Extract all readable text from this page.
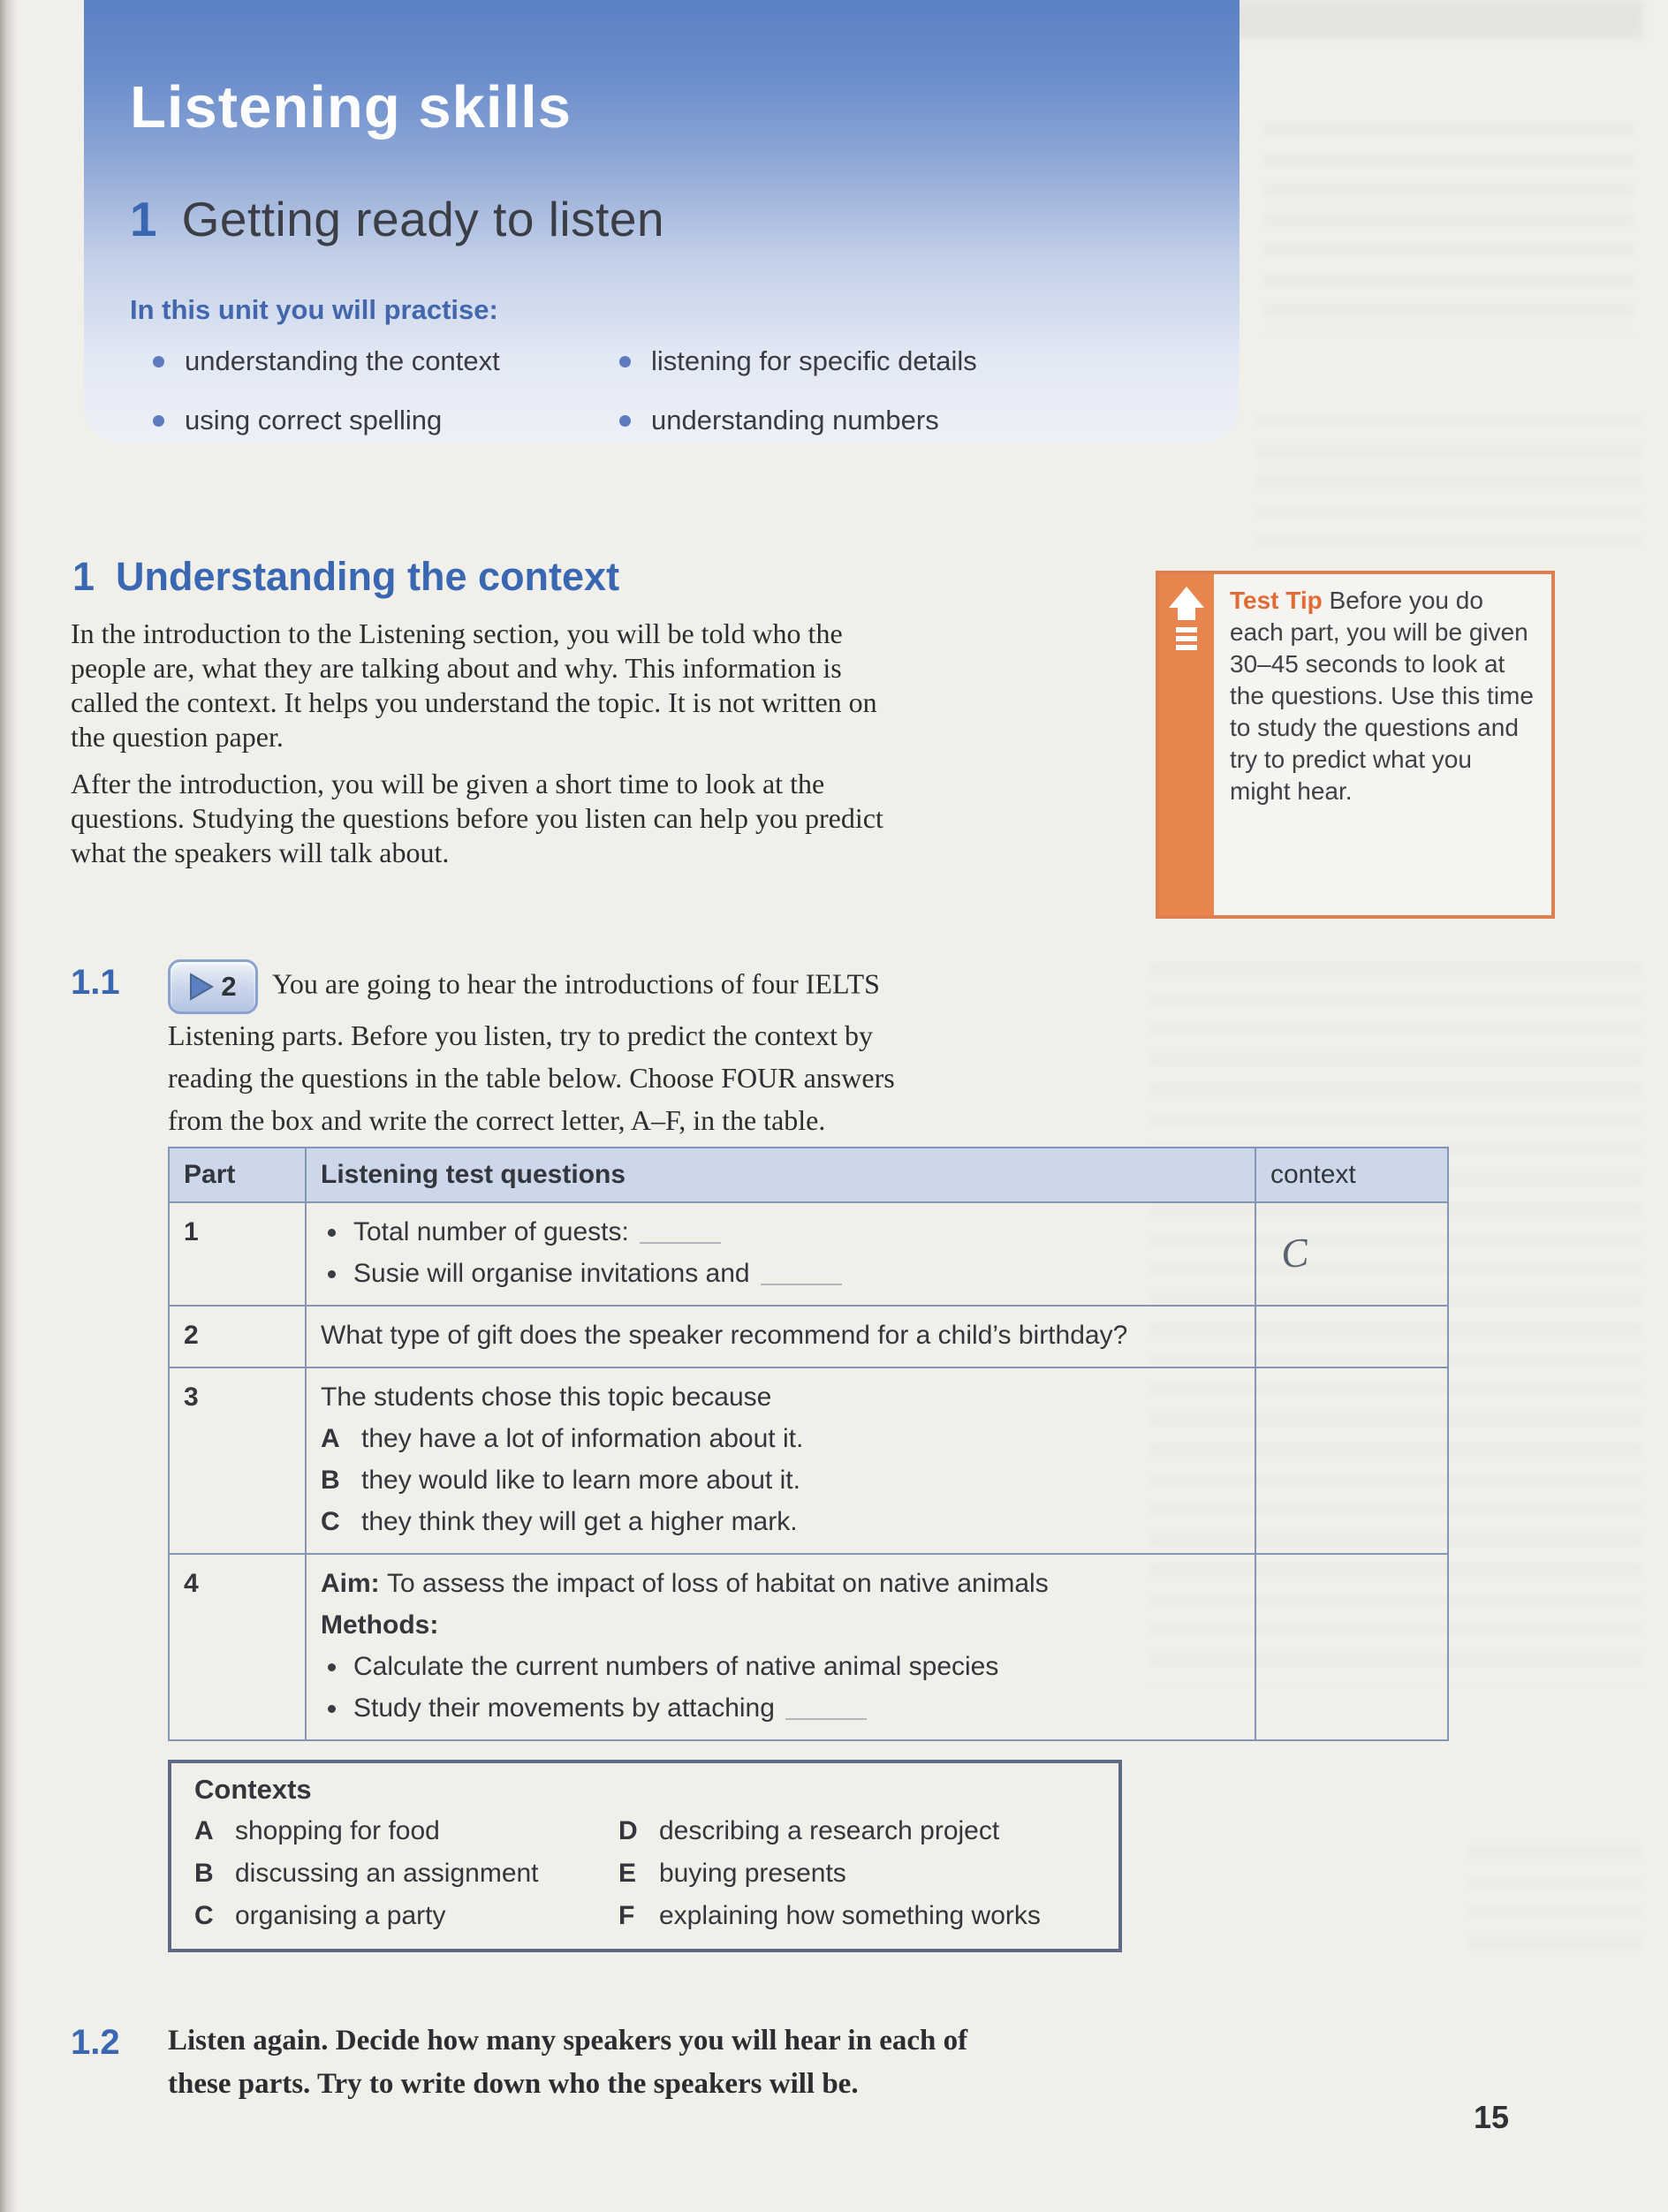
Listening skills
1 Getting ready to listen
In this unit you will practise:
understanding the context
using correct spelling
listening for specific details
understanding numbers
1 Understanding the context
In the introduction to the Listening section, you will be told who the
people are, what they are talking about and why. This information is
called the context. It helps you understand the topic. It is not written on
the question paper.
After the introduction, you will be given a short time to look at the
questions. Studying the questions before you listen can help you predict
what the speakers will talk about.
Test Tip Before you do each part, you will be given 30–45 seconds to look at the questions. Use this time to study the questions and try to predict what you might hear.
1.1	2 You are going to hear the introductions of four IELTS
Listening parts. Before you listen, try to predict the context by
reading the questions in the table below. Choose FOUR answers
from the box and write the correct letter, A–F, in the table.
Part	Listening test questions	context
1	Total number of guests:
Susie will organise invitations and	C
2	What type of gift does the speaker recommend for a child’s birthday?	

3	The students chose this topic because
A they have a lot of information about it.
B they would like to learn more about it.
C they think they will get a higher mark.

4	Aim: To assess the impact of loss of habitat on native animals
Methods:
Calculate the current numbers of native animal species
Study their movements by attaching	

Contexts
A shopping for food
B discussing an assignment
C organising a party
D describing a research project
E buying presents
F explaining how something works
1.2 Listen again. Decide how many speakers you will hear in each of
these parts. Try to write down who the speakers will be.
15
